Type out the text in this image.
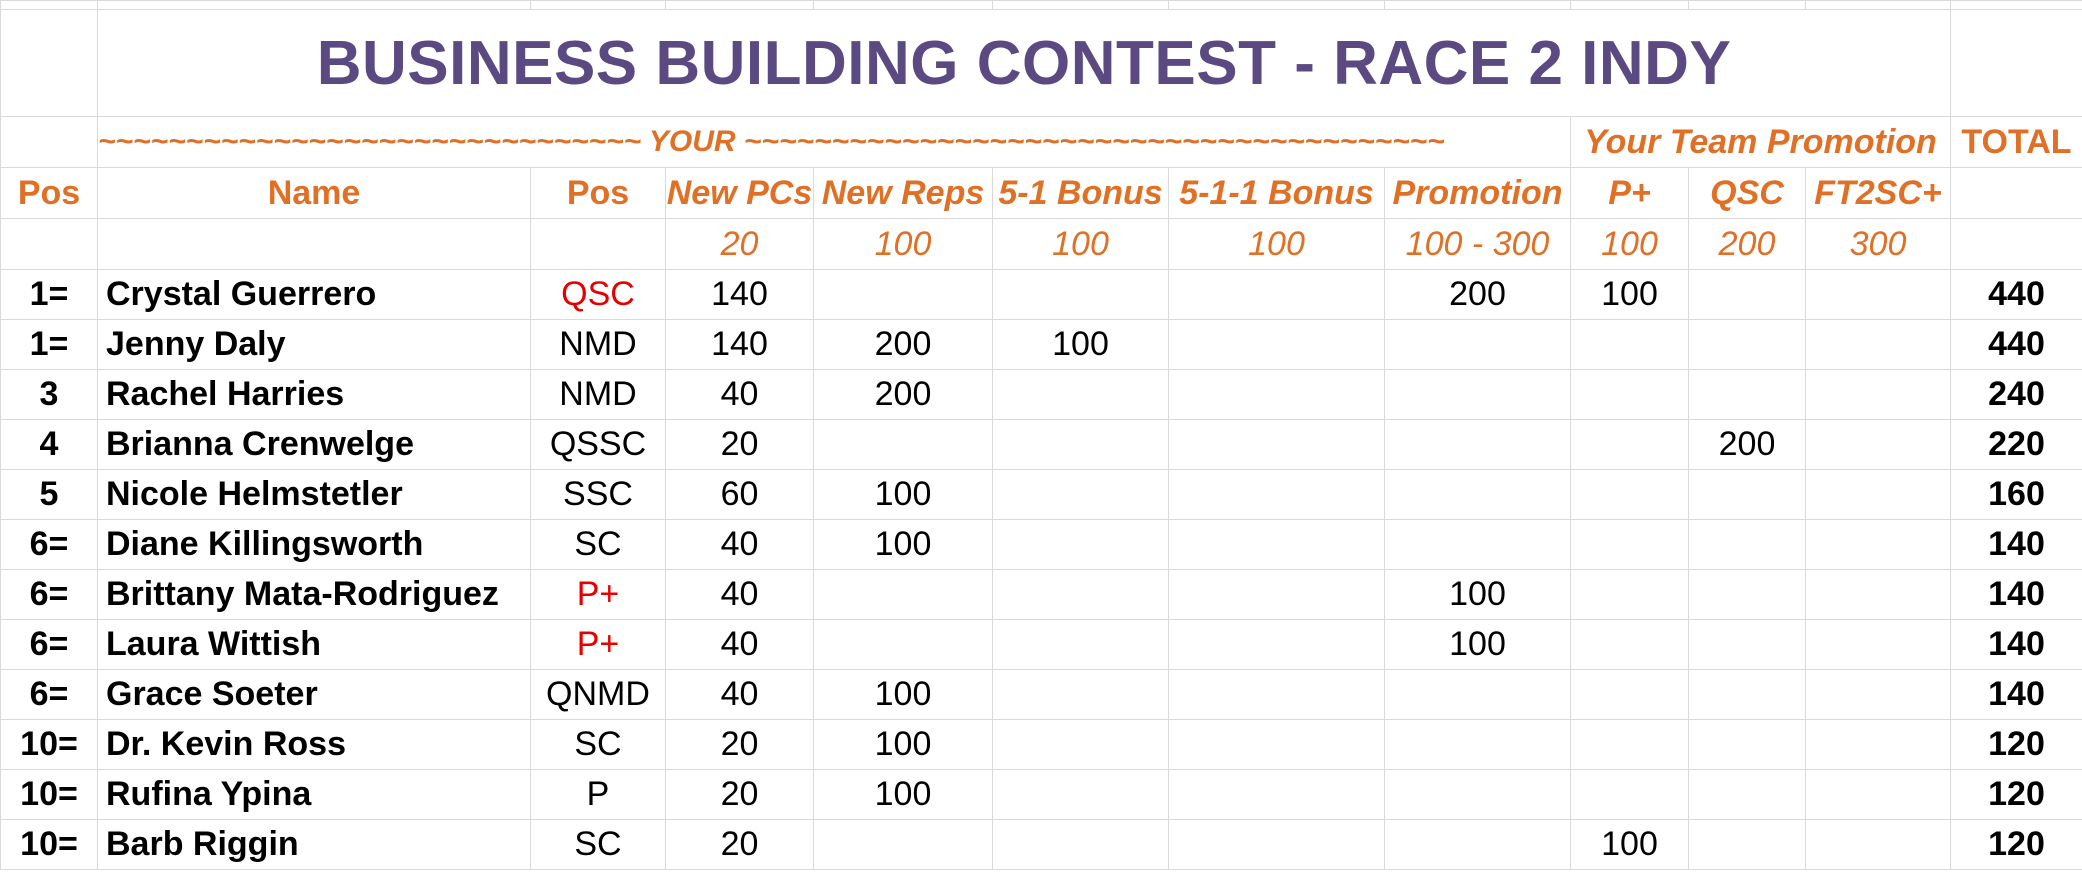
	BUSINESS BUILDING CONTEST - RACE 2 INDY										
	~~~~~~~~~~~~~~~~~~~~~~~~~~~~~~~ YOUR ~~~~~~~~~~~~~~~~~~~~~~~~~~~~~~~~~~~~~~~~							Your Team Promotion			TOTAL
Pos	Name	Pos	New PCs	New Reps	5-1 Bonus	5-1-1 Bonus	Promotion	P+	QSC	FT2SC+	
			20	100	100	100	100 - 300	100	200	300	
1=	Crystal Guerrero	QSC	140				200	100			440
1=	Jenny Daly	NMD	140	200	100						440
3	Rachel Harries	NMD	40	200							240
4	Brianna Crenwelge	QSSC	20						200		220
5	Nicole Helmstetler	SSC	60	100							160
6=	Diane Killingsworth	SC	40	100							140
6=	Brittany Mata-Rodriguez	P+	40				100				140
6=	Laura Wittish	P+	40				100				140
6=	Grace Soeter	QNMD	40	100							140
10=	Dr. Kevin Ross	SC	20	100							120
10=	Rufina Ypina	P	20	100							120
10=	Barb Riggin	SC	20					100			120
